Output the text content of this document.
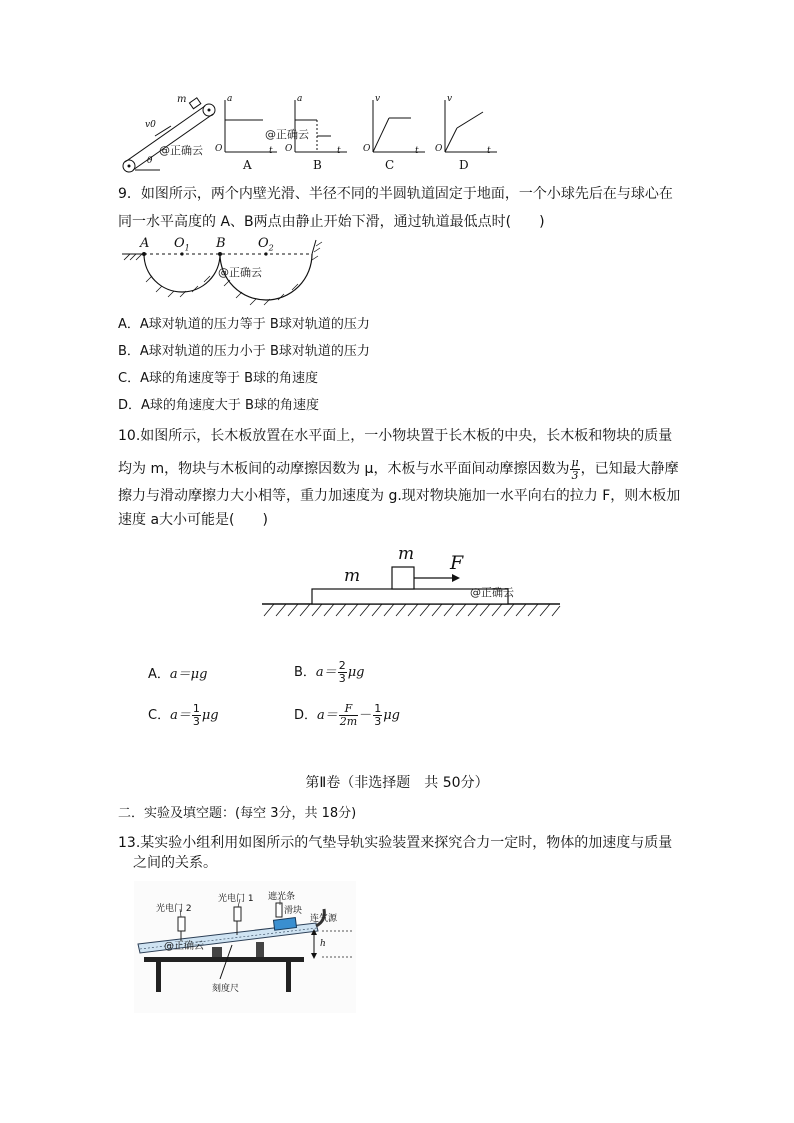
m
v0
θ
@正确云
a
O	t
A
a
O	t
B
@正确云
v
O	t
C
v
O	t
D
9．如图所示，两个内壁光滑、半径不同的半圆轨道固定于地面，一个小球先后在与球心在
同一水平高度的 A、B两点由静止开始下滑，通过轨道最低点时(　　)
A $O_1$ B $O_2$
@正确云
A．A球对轨道的压力等于 B球对轨道的压力
B．A球对轨道的压力小于 B球对轨道的压力
C．A球的角速度等于 B球的角速度
D．A球的角速度大于 B球的角速度
10.如图所示，长木板放置在水平面上，一小物块置于长木板的中央，长木板和物块的质量
均为 m，物块与木板间的动摩擦因数为 μ，木板与水平面间动摩擦因数为 $\frac{\mu}{3}$ ，已知最大静摩
擦力与滑动摩擦力大小相等，重力加速度为 g.现对物块施加一水平向右的拉力 F，则木板加
速度 a大小可能是(　　)
m
m
F
@正确云
A．a＝μg	B．$a= \frac{2}{3}$ μg
C．$a= \frac{1}{3}$ μg	D．$a= \frac{F}{2m} - \frac{1}{3}$ μg
第Ⅱ卷（非选择题　共 50分）
二．实验及填空题：(每空 3分，共 18分)
13.某实验小组利用如图所示的气垫导轨实验装置来探究合力一定时，物体的加速度与质量
之间的关系。
光电门 2
光电门 1 遮光条
滑块
连气源
h
刻度尺
@正确云
